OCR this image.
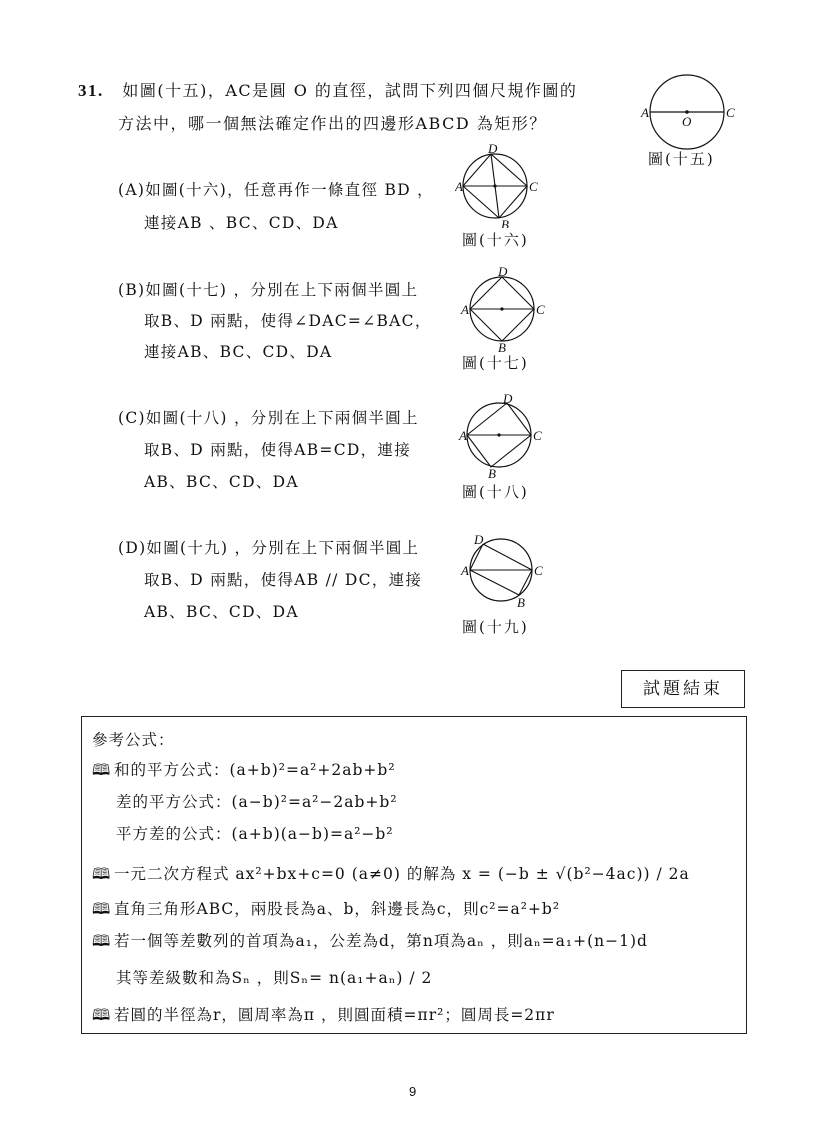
31. 如圖(十五)，AC是圓 O 的直徑，試問下列四個尺規作圖的
方法中，哪一個無法確定作出的四邊形ABCD 為矩形？
A
O
C
圖(十五)
(A)如圖(十六)，任意再作一條直徑 BD ，
連接AB 、BC、CD、DA
A
B
C
D
圖(十六)
(B)如圖(十七) ，分別在上下兩個半圓上
取B、D 兩點，使得∠DAC=∠BAC，
連接AB、BC、CD、DA
A
B
C
D
圖(十七)
(C)如圖(十八) ，分別在上下兩個半圓上
取B、D 兩點，使得AB=CD，連接
AB、BC、CD、DA
A
B
C
D
圖(十八)
(D)如圖(十九) ，分別在上下兩個半圓上
取B、D 兩點，使得AB // DC，連接
AB、BC、CD、DA
A
B
C
D
圖(十九)
試題結束
參考公式：
🕮 和的平方公式：(a+b)²=a²+2ab+b²
差的平方公式：(a−b)²=a²−2ab+b²
平方差的公式：(a+b)(a−b)=a²−b²
🕮 一元二次方程式 ax²+bx+c=0 (a≠0) 的解為 x = (−b ± √(b²−4ac)) / 2a
🕮 直角三角形ABC，兩股長為a、b，斜邊長為c，則c²=a²+b²
🕮 若一個等差數列的首項為a₁，公差為d，第n項為aₙ ，則aₙ=a₁+(n−1)d
其等差級數和為Sₙ ，則Sₙ= n(a₁+aₙ) / 2
🕮 若圓的半徑為r，圓周率為π ，則圓面積=πr²；圓周長=2πr
9
